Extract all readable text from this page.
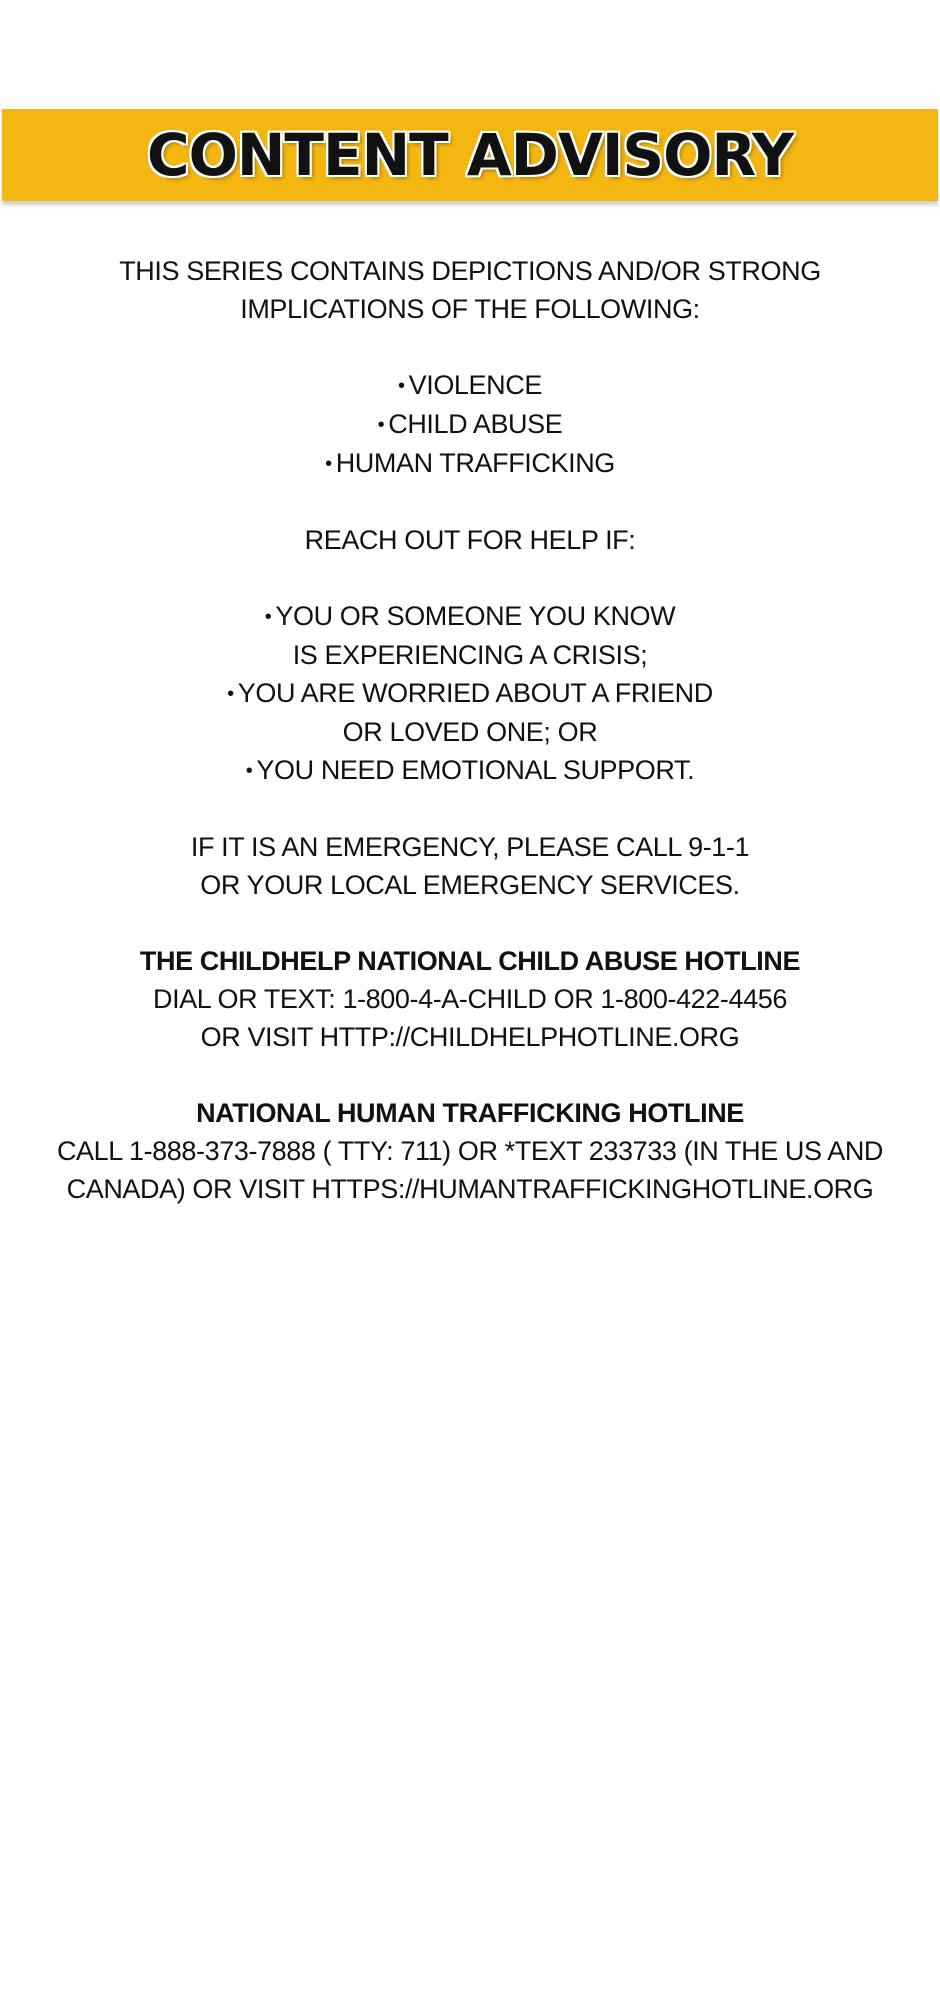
CONTENT ADVISORY
THIS SERIES CONTAINS DEPICTIONS AND/OR STRONG
IMPLICATIONS OF THE FOLLOWING:
• VIOLENCE
• CHILD ABUSE
• HUMAN TRAFFICKING
REACH OUT FOR HELP IF:
• YOU OR SOMEONE YOU KNOW
IS EXPERIENCING A CRISIS;
• YOU ARE WORRIED ABOUT A FRIEND
OR LOVED ONE; OR
• YOU NEED EMOTIONAL SUPPORT.
IF IT IS AN EMERGENCY, PLEASE CALL 9-1-1
OR YOUR LOCAL EMERGENCY SERVICES.
THE CHILDHELP NATIONAL CHILD ABUSE HOTLINE
DIAL OR TEXT: 1-800-4-A-CHILD OR 1-800-422-4456
OR VISIT HTTP://CHILDHELPHOTLINE.ORG
NATIONAL HUMAN TRAFFICKING HOTLINE
CALL 1-888-373-7888 ( TTY: 711) OR *TEXT 233733 (IN THE US AND
CANADA) OR VISIT HTTPS://HUMANTRAFFICKINGHOTLINE.ORG
